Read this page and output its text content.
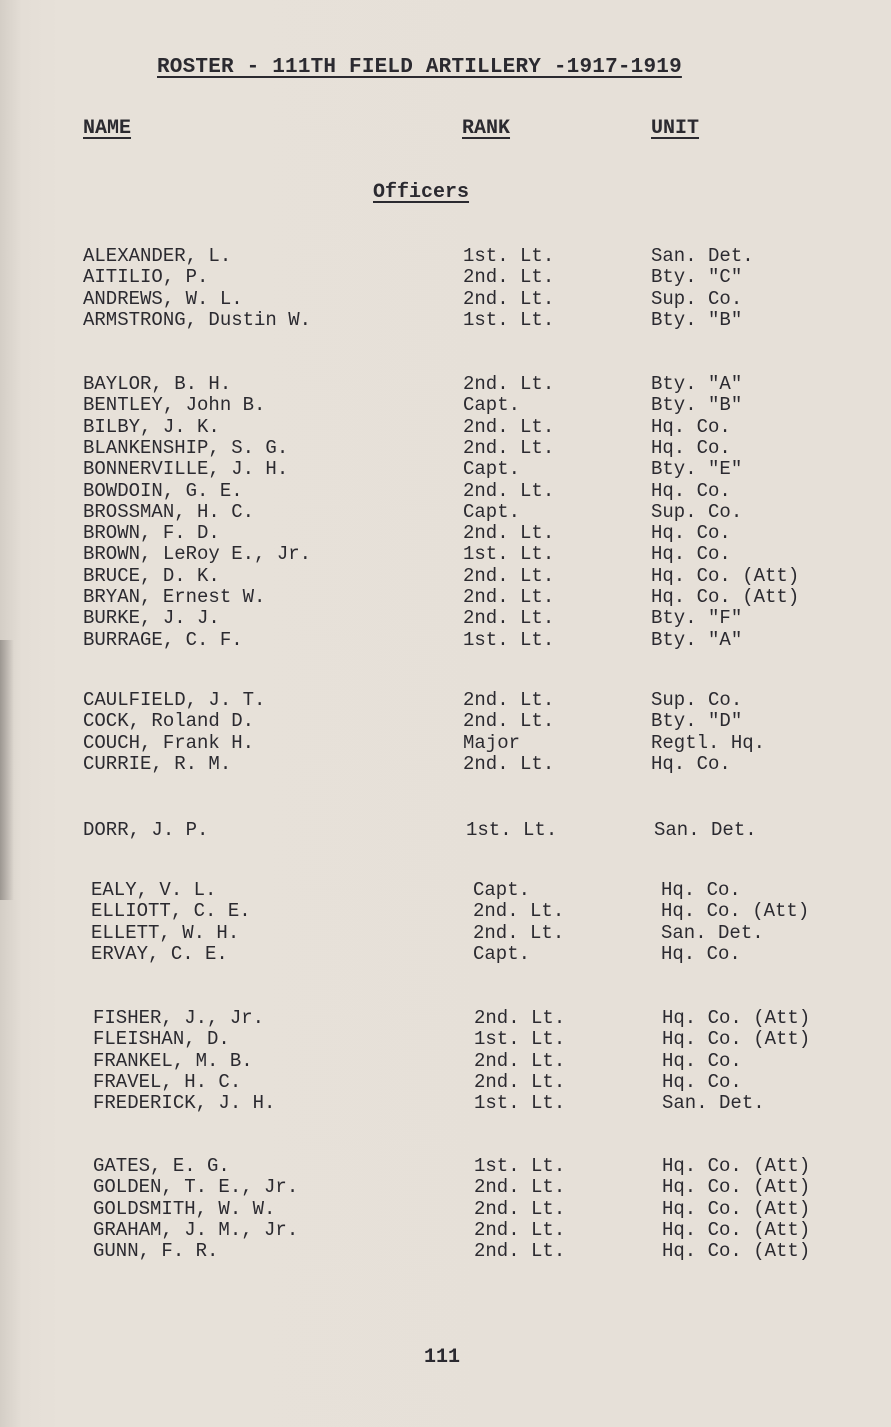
ROSTER - 111TH FIELD ARTILLERY -1917-1919
NAME	RANK	UNIT
Officers
ALEXANDER, L.	1st. Lt.	San. Det.
AITILIO, P.	2nd. Lt.	Bty. "C"
ANDREWS, W. L.	2nd. Lt.	Sup. Co.
ARMSTRONG, Dustin W.	1st. Lt.	Bty. "B"
BAYLOR, B. H.	2nd. Lt.	Bty. "A"
BENTLEY, John B.	Capt.	Bty. "B"
BILBY, J. K.	2nd. Lt.	Hq. Co.
BLANKENSHIP, S. G.	2nd. Lt.	Hq. Co.
BONNERVILLE, J. H.	Capt.	Bty. "E"
BOWDOIN, G. E.	2nd. Lt.	Hq. Co.
BROSSMAN, H. C.	Capt.	Sup. Co.
BROWN, F. D.	2nd. Lt.	Hq. Co.
BROWN, LeRoy E., Jr.	1st. Lt.	Hq. Co.
BRUCE, D. K.	2nd. Lt.	Hq. Co. (Att)
BRYAN, Ernest W.	2nd. Lt.	Hq. Co. (Att)
BURKE, J. J.	2nd. Lt.	Bty. "F"
BURRAGE, C. F.	1st. Lt.	Bty. "A"
CAULFIELD, J. T.	2nd. Lt.	Sup. Co.
COCK, Roland D.	2nd. Lt.	Bty. "D"
COUCH, Frank H.	Major	Regtl. Hq.
CURRIE, R. M.	2nd. Lt.	Hq. Co.
DORR, J. P.	1st. Lt.	San. Det.
EALY, V. L.	Capt.	Hq. Co.
ELLIOTT, C. E.	2nd. Lt.	Hq. Co. (Att)
ELLETT, W. H.	2nd. Lt.	San. Det.
ERVAY, C. E.	Capt.	Hq. Co.
FISHER, J., Jr.	2nd. Lt.	Hq. Co. (Att)
FLEISHAN, D.	1st. Lt.	Hq. Co. (Att)
FRANKEL, M. B.	2nd. Lt.	Hq. Co.
FRAVEL, H. C.	2nd. Lt.	Hq. Co.
FREDERICK, J. H.	1st. Lt.	San. Det.
GATES, E. G.	1st. Lt.	Hq. Co. (Att)
GOLDEN, T. E., Jr.	2nd. Lt.	Hq. Co. (Att)
GOLDSMITH, W. W.	2nd. Lt.	Hq. Co. (Att)
GRAHAM, J. M., Jr.	2nd. Lt.	Hq. Co. (Att)
GUNN, F. R.	2nd. Lt.	Hq. Co. (Att)
111
